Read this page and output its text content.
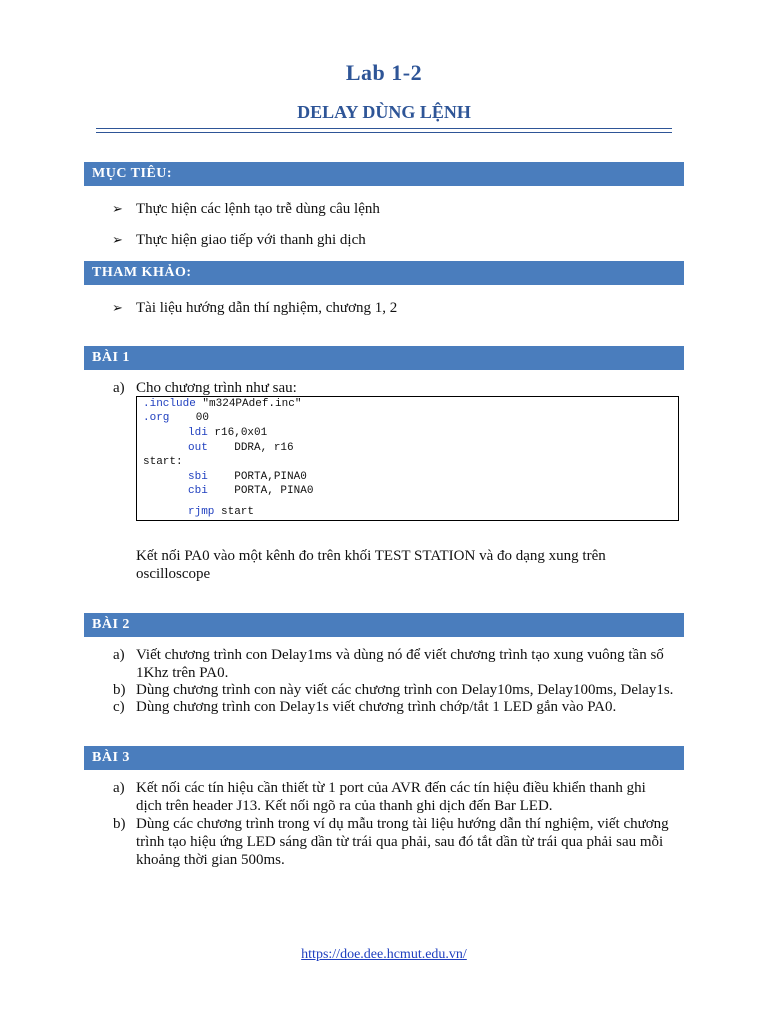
Lab 1-2
DELAY DÙNG LỆNH
MỤC TIÊU:
➢ Thực hiện các lệnh tạo trễ dùng câu lệnh
➢ Thực hiện giao tiếp với thanh ghi dịch
THAM KHẢO:
➢ Tài liệu hướng dẫn thí nghiệm, chương 1, 2
BÀI 1
a) Cho chương trình như sau:
.include "m324PAdef.inc"
.org    00
ldi r16,0x01
out    DDRA, r16
start:
sbi    PORTA,PINA0
cbi    PORTA, PINA0
rjmp start
Kết nối PA0 vào một kênh đo trên khối TEST STATION và đo dạng xung trên
oscilloscope
BÀI 2
a) Viết chương trình con Delay1ms và dùng nó để viết chương trình tạo xung vuông tần số
1Khz trên PA0.
b) Dùng chương trình con này viết các chương trình con Delay10ms, Delay100ms, Delay1s.
c) Dùng chương trình con Delay1s viết chương trình chớp/tắt 1 LED gắn vào PA0.
BÀI 3
a) Kết nối các tín hiệu cần thiết từ 1 port của AVR đến các tín hiệu điều khiển thanh ghi
dịch trên header J13. Kết nối ngõ ra của thanh ghi dịch đến Bar LED.
b) Dùng các chương trình trong ví dụ mẫu trong tài liệu hướng dẫn thí nghiệm, viết chương
trình tạo hiệu ứng LED sáng dần từ trái qua phải, sau đó tắt dần từ trái qua phải sau mỗi
khoảng thời gian 500ms.
https://doe.dee.hcmut.edu.vn/
